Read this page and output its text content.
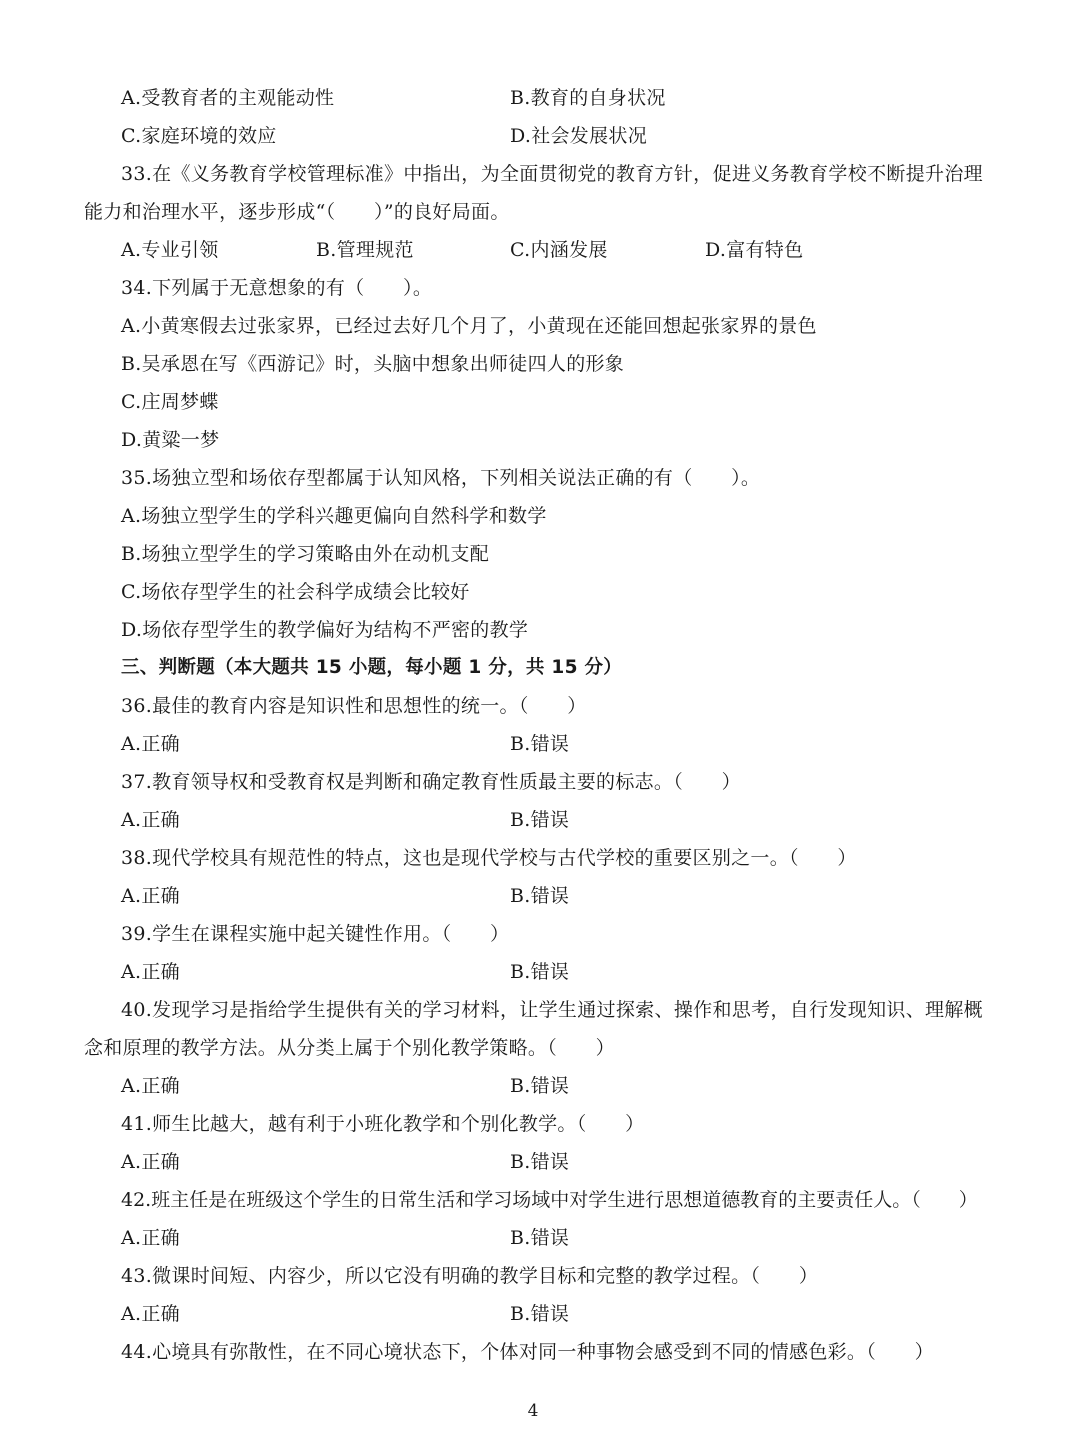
A.受教育者的主观能动性	B.教育的自身状况
C.家庭环境的效应	D.社会发展状况
33.在《义务教育学校管理标准》中指出，为全面贯彻党的教育方针，促进义务教育学校不断提升治理
能力和治理水平，逐步形成“（　　）”的良好局面。
A.专业引领	B.管理规范	C.内涵发展	D.富有特色
34.下列属于无意想象的有（　　）。
A.小黄寒假去过张家界，已经过去好几个月了，小黄现在还能回想起张家界的景色
B.吴承恩在写《西游记》时，头脑中想象出师徒四人的形象
C.庄周梦蝶
D.黄粱一梦
35.场独立型和场依存型都属于认知风格，下列相关说法正确的有（　　）。
A.场独立型学生的学科兴趣更偏向自然科学和数学
B.场独立型学生的学习策略由外在动机支配
C.场依存型学生的社会科学成绩会比较好
D.场依存型学生的教学偏好为结构不严密的教学
三、判断题（本大题共 15 小题，每小题 1 分，共 15 分）
36.最佳的教育内容是知识性和思想性的统一。（　　）
A.正确	B.错误
37.教育领导权和受教育权是判断和确定教育性质最主要的标志。（　　）
A.正确	B.错误
38.现代学校具有规范性的特点，这也是现代学校与古代学校的重要区别之一。（　　）
A.正确	B.错误
39.学生在课程实施中起关键性作用。（　　）
A.正确	B.错误
40.发现学习是指给学生提供有关的学习材料，让学生通过探索、操作和思考，自行发现知识、理解概
念和原理的教学方法。从分类上属于个别化教学策略。（　　）
A.正确	B.错误
41.师生比越大，越有利于小班化教学和个别化教学。（　　）
A.正确	B.错误
42.班主任是在班级这个学生的日常生活和学习场域中对学生进行思想道德教育的主要责任人。（　　）
A.正确	B.错误
43.微课时间短、内容少，所以它没有明确的教学目标和完整的教学过程。（　　）
A.正确	B.错误
44.心境具有弥散性，在不同心境状态下，个体对同一种事物会感受到不同的情感色彩。（　　）
4
